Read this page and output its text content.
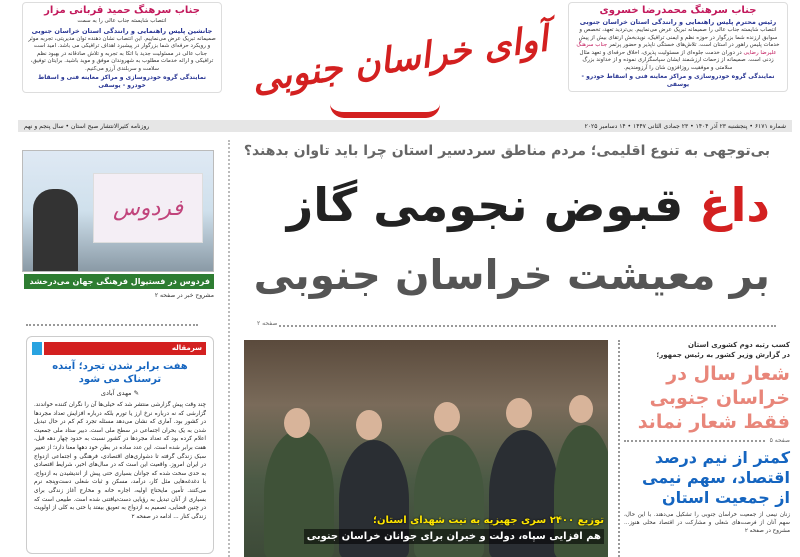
جناب سرهنگ حمید قربانی مزار
انتصاب شایسته جناب عالی را به سمت
جانشین پلیس راهنمایی و رانندگی استان خراسان جنوبی
صمیمانه تبریک عرض می‌نماییم. این انتصاب نشان دهنده توان مدیریتی، تجربه موثر و رویکرد حرفه‌ای شما بزرگوار در پیشبرد اهداف ترافیکی می باشد. امید است جناب عالی در مسئولیت جدید با اتکا به تجربه و تلاش صادقانه در بهبود نظم ترافیکی و ارائه خدمات مطلوب به شهروندان موفق و موید باشید. برایتان توفیق، سلامت و سربلندی آرزو می‌کنیم.
نمایندگی گروه خودروسازی و مراکز معاینه فنی و اسقاط خودرو - یوسفی	آوای خراسان جنوبی
جناب سرهنگ محمدرضا خسروی
رئیس محترم پلیس راهنمایی و رانندگی استان خراسان جنوبی
انتصاب شایسته جناب عالی را صمیمانه تبریک عرض می‌نماییم. بی‌تردید تعهد، تخصص و سوابق ارزنده شما بزرگوار در حوزه نظم و ایمنی ترافیک، نویدبخش ارتقای بیش از پیش خدمات پلیس راهور در استان است. تلاش‌های خستگی ناپذیر و حضور پرثمر جناب سرهنگ علیرضا رضایی در دوران خدمت جلوه‌ای از مسئولیت پذیری، اخلاق حرفه‌ای و تعهد مثال زدنی است. صمیمانه از زحمات ارزشمند ایشان سپاسگزاری نموده و از خداوند بزرگ سلامتی و موفقیت روزافزون شان را آرزومندیم.
نمایندگی گروه خودروسازی و مراکز معاینه فنی و اسقاط خودرو - یوسفی
شماره ۶۱۷۱ • پنجشنبه ۲۳ آذر ۱۴۰۴ • ۲۳ جمادی الثانی ۱۴۴۷ • ۱۴ دسامبر ۲۰۲۵
روزنامه کثیرالانتشار صبح استان • سال پنجم و نهم
بی‌توجهی به تنوع اقلیمی؛ مردم مناطق سردسیر استان چرا باید تاوان بدهند؟
داغ قبوض نجومی گاز
بر معیشت خراسان جنوبی
صفحه ۲
فردوس
فردوس در فستیوال فرهنگی جهان می‌درخشد
مشروح خبر در صفحه ۲
سرمقاله
هفت برابر شدن تجرد؛ آینده ترسناک می شود
✎ مهدی آبادی
چند وقت پیش گزارشی منتشر شد که خیلی‌ها آن را نگران کننده خواندند. گزارشی که نه درباره نرخ ارز یا تورم بلکه درباره افزایش تعداد مجردها در کشور بود. آماری که نشان می‌دهد مسئله تجرد کم کم در حال تبدیل شدن به یک بحران اجتماعی در سطح ملی است. دبیر ستاد ملی جمعیت اعلام کرده بود که تعداد مجردها در کشور نسبت به حدود چهار دهه قبل، هفت برابر شده است. این عدد ساده در بطن خود دهها معنا دارد؛ از تغییر سبک زندگی گرفته تا دشواری‌های اقتصادی، فرهنگی و اجتماعی ازدواج در ایران امروز. واقعیت این است که در سال‌های اخیر، شرایط اقتصادی به حدی سخت شده که جوانان بسیاری حتی پیش از اندیشیدن به ازدواج، با دغدغه‌هایی مثل کار، درآمد، مسکن و ثبات شغلی دست‌وپنجه نرم می‌کنند. تأمین مایحتاج اولیه، اجاره خانه و مخارج آغاز زندگی برای بسیاری از آنان تبدیل به رؤیایی دست‌نیافتنی شده است. طبیعی است که در چنین فضایی، تصمیم به ازدواج به تعویق بیفتد یا حتی به کلی از اولویت زندگی کنار ... ادامه در صفحه ۲	توزیع ۲۴۰۰ سری جهیزیه به نیت شهدای استان؛
هم افزایی سپاه، دولت و خیران برای جوانان خراسان جنوبی
کسب رتبه دوم کشوری استان
در گزارش وزیر کشور به رئیس جمهور؛
شعار سال در خراسان جنوبی فقط شعار نماند
صفحه ۵
کمتر از نیم درصد اقتصاد، سهم نیمی از جمعیت استان
زنان نیمی از جمعیت خراسان جنوبی را تشکیل می‌دهند. با این حال، سهم آنان از فرصت‌های شغلی و مشارکت در اقتصاد محلی هنوز... مشروح در صفحه ۲
